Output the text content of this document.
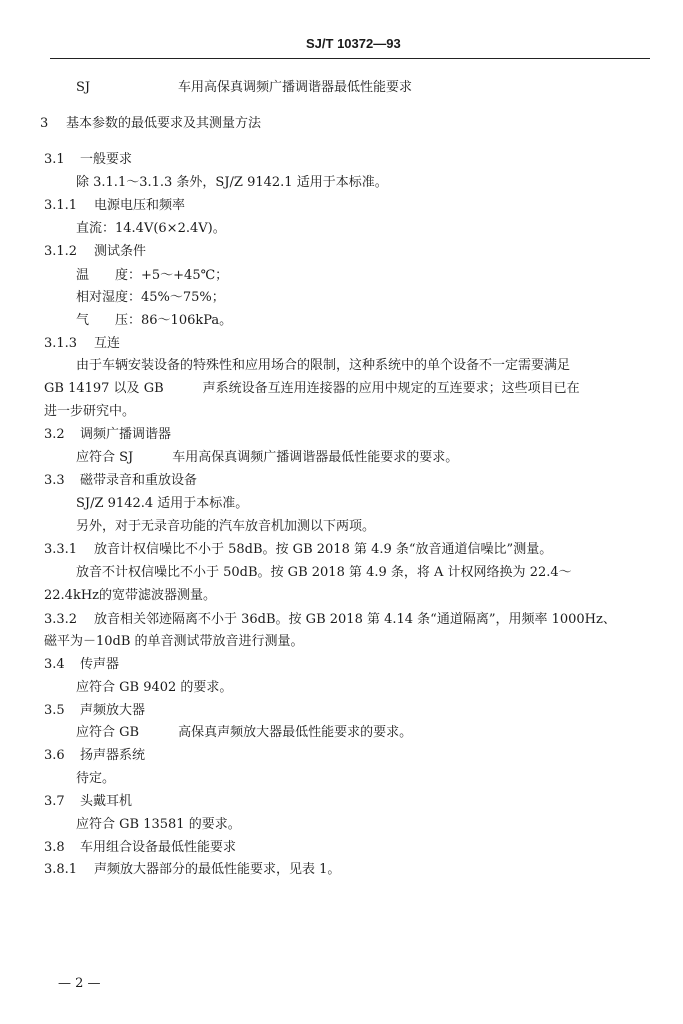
SJ/T 10372—93
SJ	车用高保真调频广播调谐器最低性能要求
3 基本参数的最低要求及其测量方法
3.1 一般要求
除 3.1.1～3.1.3 条外，SJ/Z 9142.1 适用于本标准。
3.1.1 电源电压和频率
直流：14.4V(6×2.4V)。
3.1.2 测试条件
温　　度：+5～+45℃；
相对湿度：45%～75%；
气　　压：86～106kPa。
3.1.3 互连
由于车辆安装设备的特殊性和应用场合的限制，这种系统中的单个设备不一定需要满足
GB 14197 以及 GB　　　声系统设备互连用连接器的应用中规定的互连要求；这些项目已在
进一步研究中。
3.2 调频广播调谐器
应符合 SJ　　　车用高保真调频广播调谐器最低性能要求的要求。
3.3 磁带录音和重放设备
SJ/Z 9142.4 适用于本标准。
另外，对于无录音功能的汽车放音机加测以下两项。
3.3.1 放音计权信噪比不小于 58dB。按 GB 2018 第 4.9 条“放音通道信噪比”测量。
放音不计权信噪比不小于 50dB。按 GB 2018 第 4.9 条，将 A 计权网络换为 22.4～
22.4kHz的宽带滤波器测量。
3.3.2 放音相关邻迹隔离不小于 36dB。按 GB 2018 第 4.14 条“通道隔离”，用频率 1000Hz、
磁平为－10dB 的单音测试带放音进行测量。
3.4 传声器
应符合 GB 9402 的要求。
3.5 声频放大器
应符合 GB　　　高保真声频放大器最低性能要求的要求。
3.6 扬声器系统
待定。
3.7 头戴耳机
应符合 GB 13581 的要求。
3.8 车用组合设备最低性能要求
3.8.1 声频放大器部分的最低性能要求，见表 1。
— 2 —
